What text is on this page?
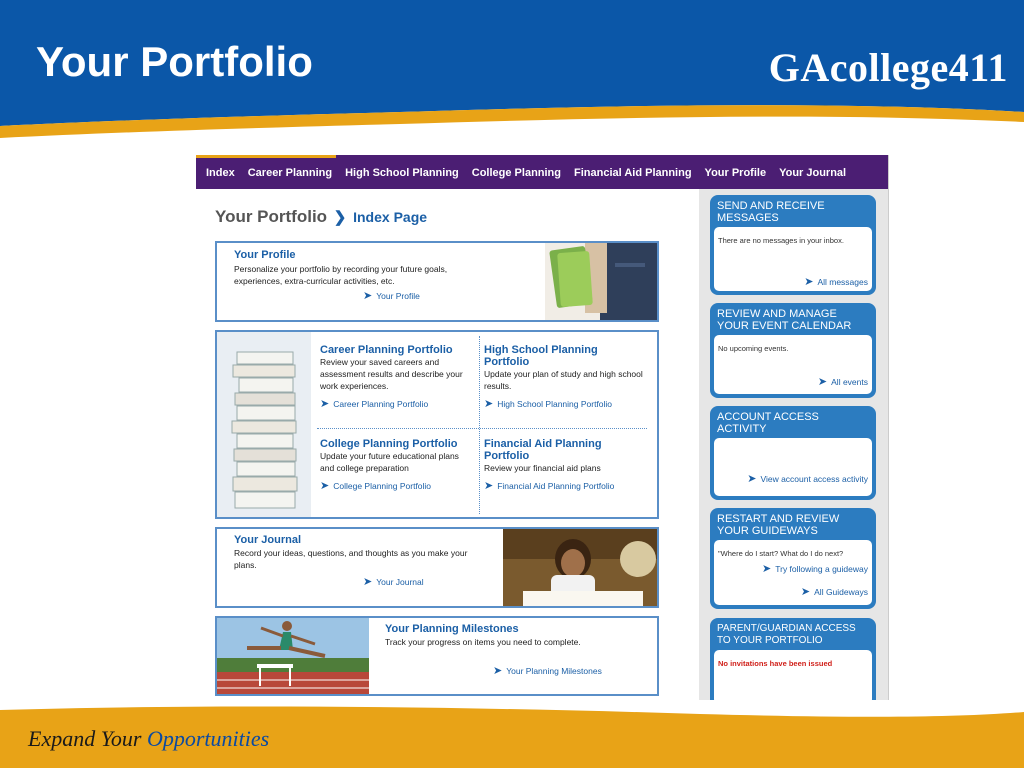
Your Portfolio	GAcollege411
Index Career Planning High School Planning College Planning Financial Aid Planning Your Profile Your Journal
Your Portfolio ❯ Index Page
Your Profile
Personalize your portfolio by recording your future goals, experiences, extra-curricular activities, etc.
➤ Your Profile
Career Planning Portfolio
Review your saved careers and assessment results and describe your work experiences.
➤ Career Planning Portfolio
High School Planning Portfolio
Update your plan of study and high school results.
➤ High School Planning Portfolio
College Planning Portfolio
Update your future educational plans and college preparation
➤ College Planning Portfolio
Financial Aid Planning Portfolio
Review your financial aid plans
➤ Financial Aid Planning Portfolio
Your Journal
Record your ideas, questions, and thoughts as you make your plans.
➤ Your Journal
Your Planning Milestones
Track your progress on items you need to complete.
➤ Your Planning Milestones
SEND AND RECEIVE MESSAGES
There are no messages in your inbox.
➤ All messages
REVIEW AND MANAGE YOUR EVENT CALENDAR
No upcoming events.
➤ All events
ACCOUNT ACCESS ACTIVITY
➤ View account access activity
RESTART AND REVIEW YOUR GUIDEWAYS
"Where do I start? What do I do next?
➤ Try following a guideway
➤ All Guideways
PARENT/GUARDIAN ACCESS TO YOUR PORTFOLIO
No invitations have been issued
Expand Your Opportunities
